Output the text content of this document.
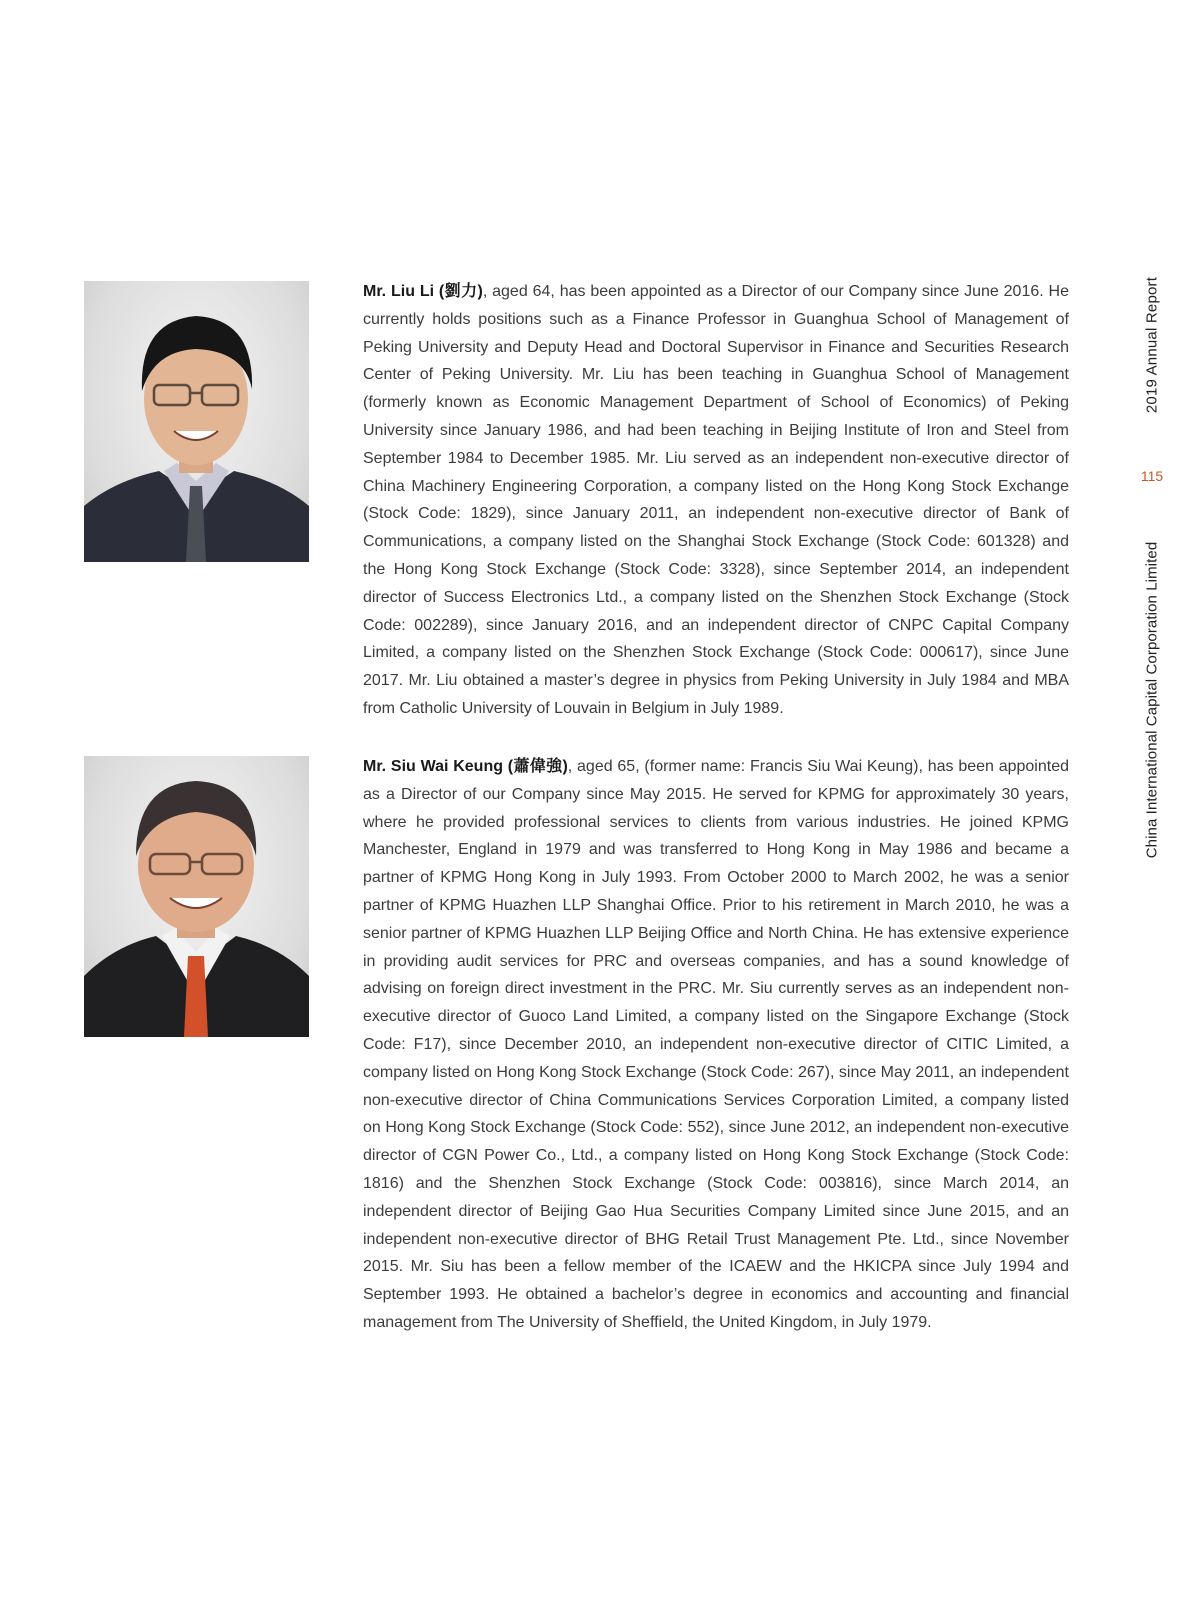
2019 Annual Report
115
China International Capital Corporation Limited

Mr. Liu Li (劉力), aged 64, has been appointed as a Director of our Company since June 2016. He currently holds positions such as a Finance Professor in Guanghua School of Management of Peking University and Deputy Head and Doctoral Supervisor in Finance and Securities Research Center of Peking University. Mr. Liu has been teaching in Guanghua School of Management (formerly known as Economic Management Department of School of Economics) of Peking University since January 1986, and had been teaching in Beijing Institute of Iron and Steel from September 1984 to December 1985. Mr. Liu served as an independent non-executive director of China Machinery Engineering Corporation, a company listed on the Hong Kong Stock Exchange (Stock Code: 1829), since January 2011, an independent non-executive director of Bank of Communications, a company listed on the Shanghai Stock Exchange (Stock Code: 601328) and the Hong Kong Stock Exchange (Stock Code: 3328), since September 2014, an independent director of Success Electronics Ltd., a company listed on the Shenzhen Stock Exchange (Stock Code: 002289), since January 2016, and an independent director of CNPC Capital Company Limited, a company listed on the Shenzhen Stock Exchange (Stock Code: 000617), since June 2017. Mr. Liu obtained a master’s degree in physics from Peking University in July 1984 and MBA from Catholic University of Louvain in Belgium in July 1989.

Mr. Siu Wai Keung (蕭偉強), aged 65, (former name: Francis Siu Wai Keung), has been appointed as a Director of our Company since May 2015. He served for KPMG for approximately 30 years, where he provided professional services to clients from various industries. He joined KPMG Manchester, England in 1979 and was transferred to Hong Kong in May 1986 and became a partner of KPMG Hong Kong in July 1993. From October 2000 to March 2002, he was a senior partner of KPMG Huazhen LLP Shanghai Office. Prior to his retirement in March 2010, he was a senior partner of KPMG Huazhen LLP Beijing Office and North China. He has extensive experience in providing audit services for PRC and overseas companies, and has a sound knowledge of advising on foreign direct investment in the PRC. Mr. Siu currently serves as an independent non-executive director of Guoco Land Limited, a company listed on the Singapore Exchange (Stock Code: F17), since December 2010, an independent non-executive director of CITIC Limited, a company listed on Hong Kong Stock Exchange (Stock Code: 267), since May 2011, an independent non-executive director of China Communications Services Corporation Limited, a company listed on Hong Kong Stock Exchange (Stock Code: 552), since June 2012, an independent non-executive director of CGN Power Co., Ltd., a company listed on Hong Kong Stock Exchange (Stock Code: 1816) and the Shenzhen Stock Exchange (Stock Code: 003816), since March 2014, an independent director of Beijing Gao Hua Securities Company Limited since June 2015, and an independent non-executive director of BHG Retail Trust Management Pte. Ltd., since November 2015. Mr. Siu has been a fellow member of the ICAEW and the HKICPA since July 1994 and September 1993. He obtained a bachelor’s degree in economics and accounting and financial management from The University of Sheffield, the United Kingdom, in July 1979.
